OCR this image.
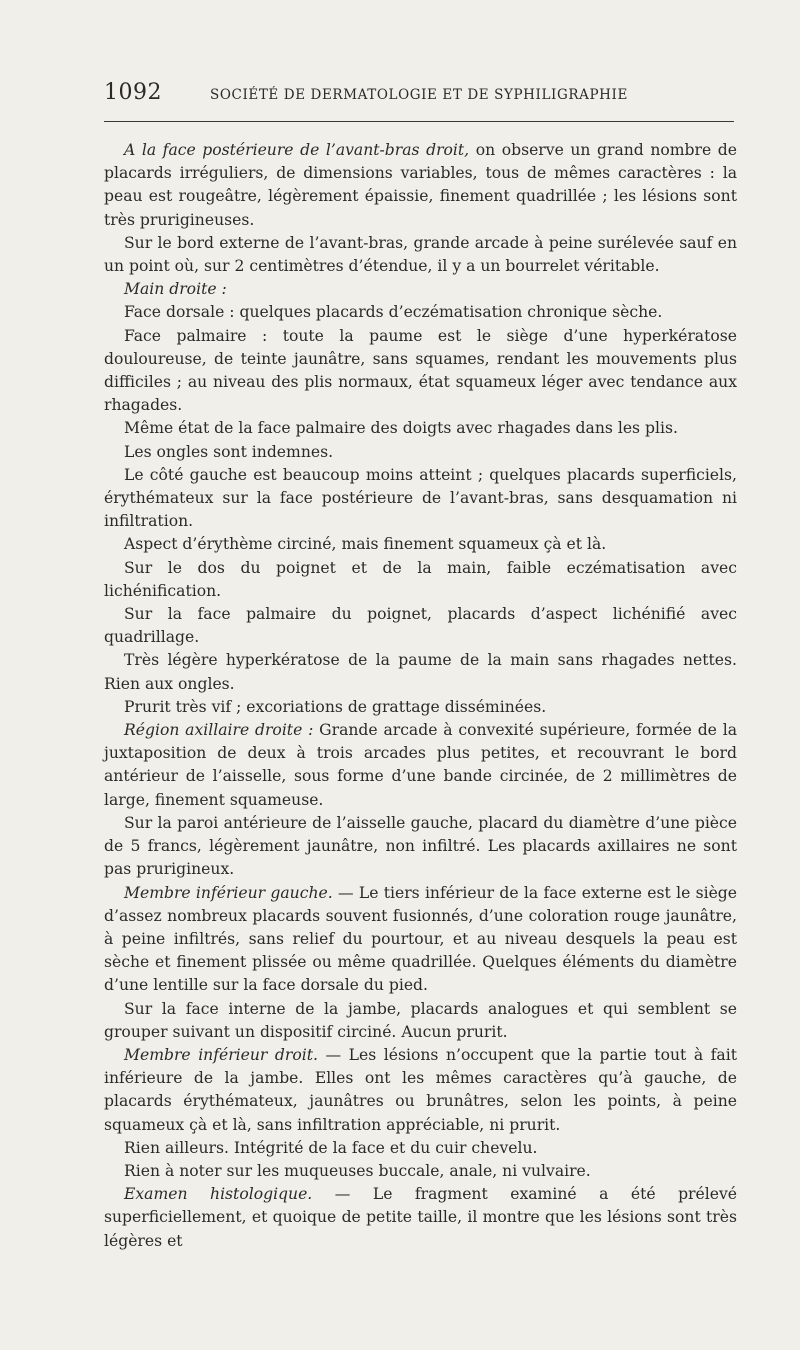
1092	SOCIÉTÉ DE DERMATOLOGIE ET DE SYPHILIGRAPHIE

A la face postérieure de l’avant-bras droit, on observe un grand nombre de placards irréguliers, de dimensions variables, tous de mêmes caractères : la peau est rougeâtre, légèrement épaissie, finement quadrillée ; les lésions sont très prurigineuses.

Sur le bord externe de l’avant-bras, grande arcade à peine surélevée sauf en un point où, sur 2 centimètres d’étendue, il y a un bourrelet véritable.

Main droite :

Face dorsale : quelques placards d’eczématisation chronique sèche.

Face palmaire : toute la paume est le siège d’une hyperkératose douloureuse, de teinte jaunâtre, sans squames, rendant les mouvements plus difficiles ; au niveau des plis normaux, état squameux léger avec tendance aux rhagades.

Même état de la face palmaire des doigts avec rhagades dans les plis.

Les ongles sont indemnes.

Le côté gauche est beaucoup moins atteint ; quelques placards superficiels, érythémateux sur la face postérieure de l’avant-bras, sans desquamation ni infiltration.

Aspect d’érythème circiné, mais finement squameux çà et là.

Sur le dos du poignet et de la main, faible eczématisation avec lichénification.

Sur la face palmaire du poignet, placards d’aspect lichénifié avec quadrillage.

Très légère hyperkératose de la paume de la main sans rhagades nettes. Rien aux ongles.

Prurit très vif ; excoriations de grattage disséminées.

Région axillaire droite : Grande arcade à convexité supérieure, formée de la juxtaposition de deux à trois arcades plus petites, et recouvrant le bord antérieur de l’aisselle, sous forme d’une bande circinée, de 2 millimètres de large, finement squameuse.

Sur la paroi antérieure de l’aisselle gauche, placard du diamètre d’une pièce de 5 francs, légèrement jaunâtre, non infiltré. Les placards axillaires ne sont pas prurigineux.

Membre inférieur gauche. — Le tiers inférieur de la face externe est le siège d’assez nombreux placards souvent fusionnés, d’une coloration rouge jaunâtre, à peine infiltrés, sans relief du pourtour, et au niveau desquels la peau est sèche et finement plissée ou même quadrillée. Quelques éléments du diamètre d’une lentille sur la face dorsale du pied.

Sur la face interne de la jambe, placards analogues et qui semblent se grouper suivant un dispositif circiné. Aucun prurit.

Membre inférieur droit. — Les lésions n’occupent que la partie tout à fait inférieure de la jambe. Elles ont les mêmes caractères qu’à gauche, de placards érythémateux, jaunâtres ou brunâtres, selon les points, à peine squameux çà et là, sans infiltration appréciable, ni prurit.

Rien ailleurs. Intégrité de la face et du cuir chevelu.

Rien à noter sur les muqueuses buccale, anale, ni vulvaire.

Examen histologique. — Le fragment examiné a été prélevé superficiellement, et quoique de petite taille, il montre que les lésions sont très légères et
